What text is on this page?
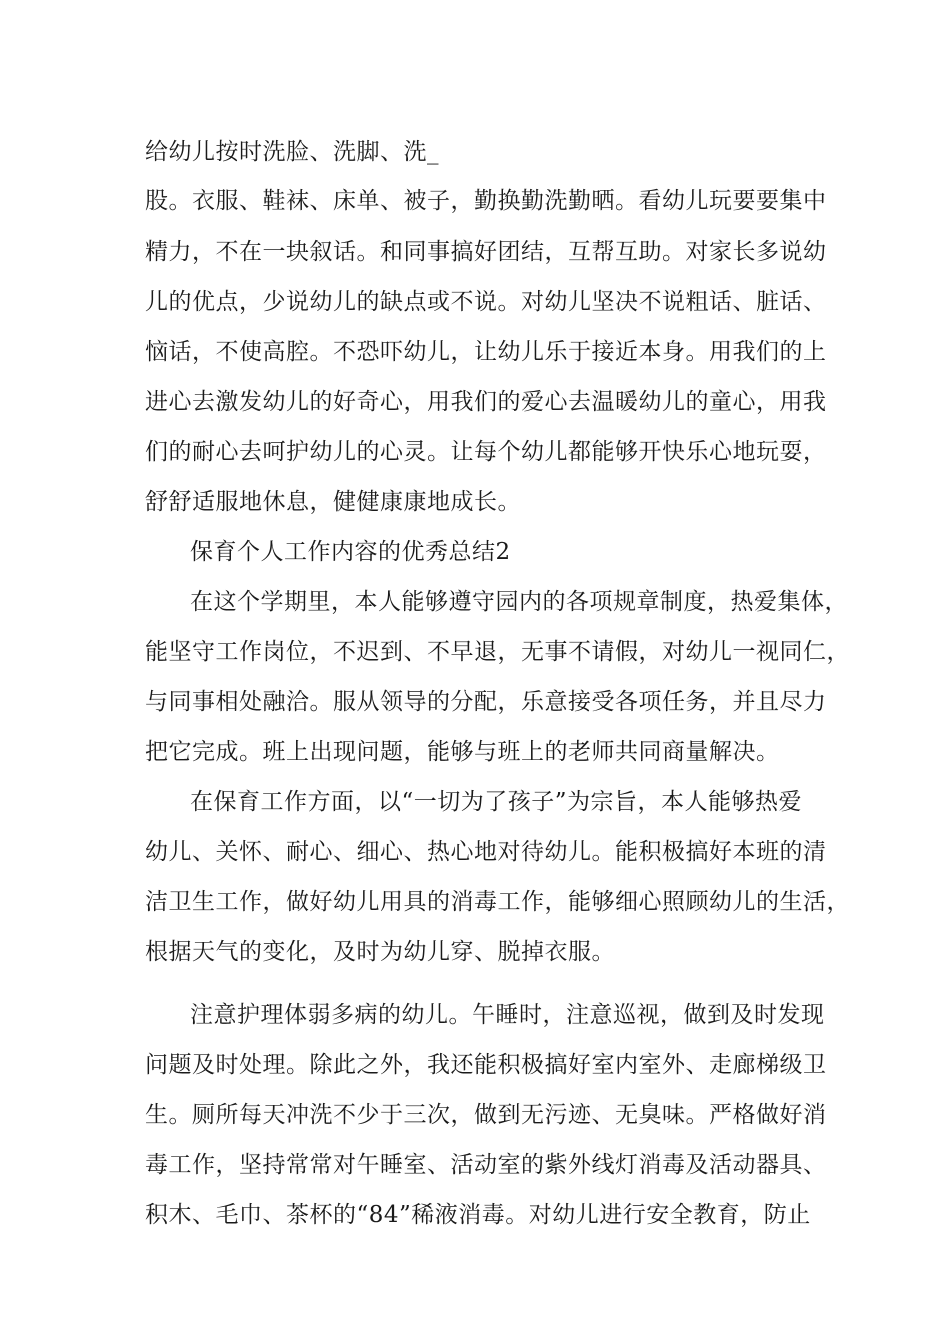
给幼儿按时洗脸、洗脚、洗_
股。衣服、鞋袜、床单、被子，勤换勤洗勤晒。看幼儿玩要要集中
精力，不在一块叙话。和同事搞好团结，互帮互助。对家长多说幼
儿的优点，少说幼儿的缺点或不说。对幼儿坚决不说粗话、脏话、
恼话，不使高腔。不恐吓幼儿，让幼儿乐于接近本身。用我们的上
进心去激发幼儿的好奇心，用我们的爱心去温暖幼儿的童心，用我
们的耐心去呵护幼儿的心灵。让每个幼儿都能够开快乐心地玩耍，
舒舒适服地休息，健健康康地成长。
保育个人工作内容的优秀总结2
在这个学期里，本人能够遵守园内的各项规章制度，热爱集体，
能坚守工作岗位，不迟到、不早退，无事不请假，对幼儿一视同仁，
与同事相处融洽。服从领导的分配，乐意接受各项任务，并且尽力
把它完成。班上出现问题，能够与班上的老师共同商量解决。
在保育工作方面，以“一切为了孩子”为宗旨，本人能够热爱
幼儿、关怀、耐心、细心、热心地对待幼儿。能积极搞好本班的清
洁卫生工作，做好幼儿用具的消毒工作，能够细心照顾幼儿的生活，
根据天气的变化，及时为幼儿穿、脱掉衣服。
注意护理体弱多病的幼儿。午睡时，注意巡视，做到及时发现
问题及时处理。除此之外，我还能积极搞好室内室外、走廊梯级卫
生。厕所每天冲洗不少于三次，做到无污迹、无臭味。严格做好消
毒工作，坚持常常对午睡室、活动室的紫外线灯消毒及活动器具、
积木、毛巾、茶杯的“84”稀液消毒。对幼儿进行安全教育，防止
